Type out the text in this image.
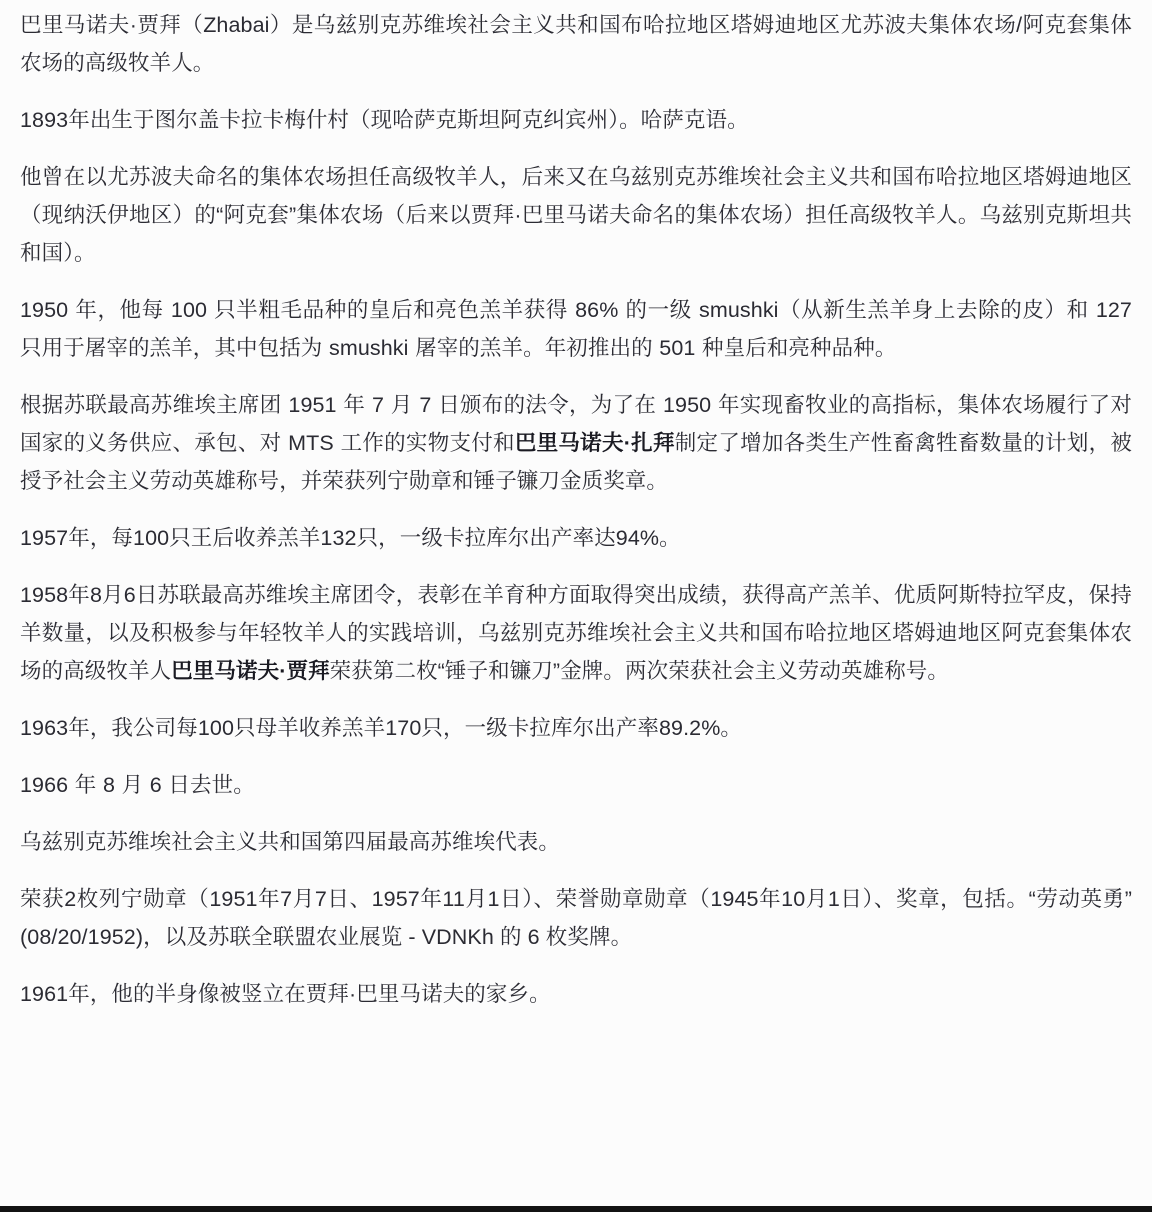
巴里马诺夫·贾拜（Zhabai）是乌兹别克苏维埃社会主义共和国布哈拉地区塔姆迪地区尤苏波夫集体农场/阿克套集体农场的高级牧羊人。

1893年出生于图尔盖卡拉卡梅什村（现哈萨克斯坦阿克纠宾州）。哈萨克语。

他曾在以尤苏波夫命名的集体农场担任高级牧羊人，后来又在乌兹别克苏维埃社会主义共和国布哈拉地区塔姆迪地区（现纳沃伊地区）的“阿克套”集体农场（后来以贾拜·巴里马诺夫命名的集体农场）担任高级牧羊人。乌兹别克斯坦共和国）。

1950 年，他每 100 只半粗毛品种的皇后和亮色羔羊获得 86% 的一级 smushki（从新生羔羊身上去除的皮）和 127 只用于屠宰的羔羊，其中包括为 smushki 屠宰的羔羊。年初推出的 501 种皇后和亮种品种。

根据苏联最高苏维埃主席团 1951 年 7 月 7 日颁布的法令，为了在 1950 年实现畜牧业的高指标，集体农场履行了对国家的义务供应、承包、对 MTS 工作的实物支付和巴里马诺夫·扎拜制定了增加各类生产性畜禽牲畜数量的计划，被授予社会主义劳动英雄称号，并荣获列宁勋章和锤子镰刀金质奖章。

1957年，每100只王后收养羔羊132只，一级卡拉库尔出产率达94%。

1958年8月6日苏联最高苏维埃主席团令，表彰在羊育种方面取得突出成绩，获得高产羔羊、优质阿斯特拉罕皮，保持羊数量，以及积极参与年轻牧羊人的实践培训，乌兹别克苏维埃社会主义共和国布哈拉地区塔姆迪地区阿克套集体农场的高级牧羊人巴里马诺夫·贾拜荣获第二枚“锤子和镰刀”金牌。两次荣获社会主义劳动英雄称号。

1963年，我公司每100只母羊收养羔羊170只，一级卡拉库尔出产率89.2%。

1966 年 8 月 6 日去世。

乌兹别克苏维埃社会主义共和国第四届最高苏维埃代表。

荣获2枚列宁勋章（1951年7月7日、1957年11月1日）、荣誉勋章勋章（1945年10月1日）、奖章，包括。“劳动英勇”(08/20/1952)，以及苏联全联盟农业展览 - VDNKh 的 6 枚奖牌。

1961年，他的半身像被竖立在贾拜·巴里马诺夫的家乡。
